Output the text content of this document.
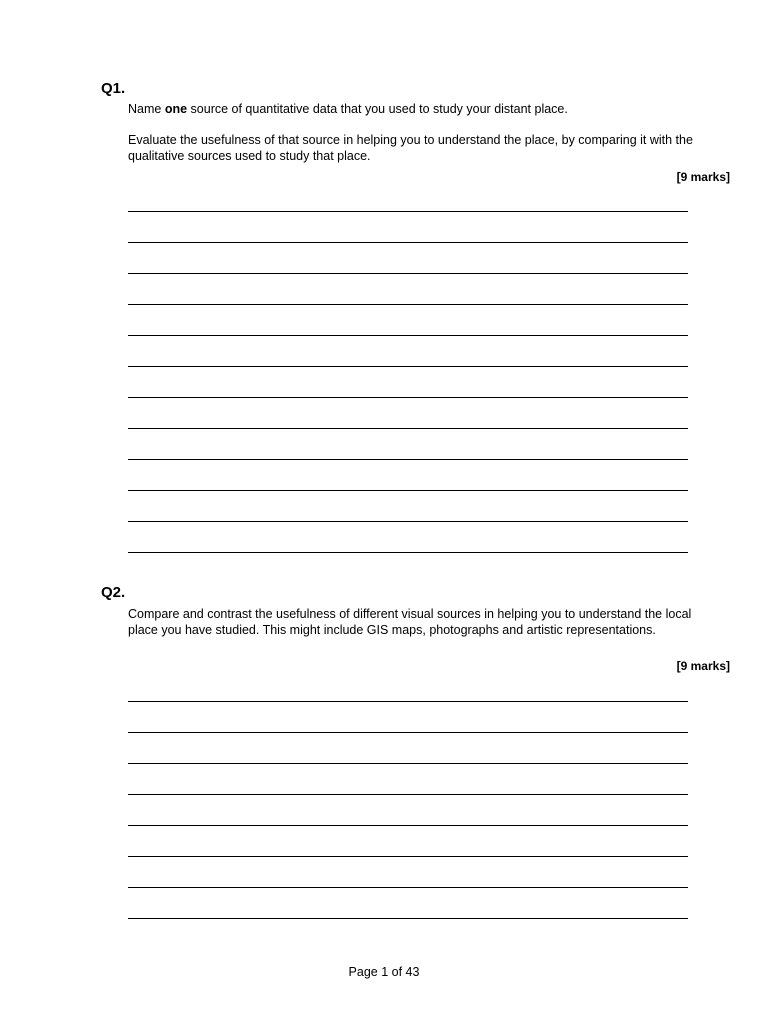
Q1.

Name one source of quantitative data that you used to study your distant place.

Evaluate the usefulness of that source in helping you to understand the place, by comparing it with the qualitative sources used to study that place.

[9 marks]
Q2.

Compare and contrast the usefulness of different visual sources in helping you to understand the local place you have studied. This might include GIS maps, photographs and artistic representations.

[9 marks]
Page 1 of 43
